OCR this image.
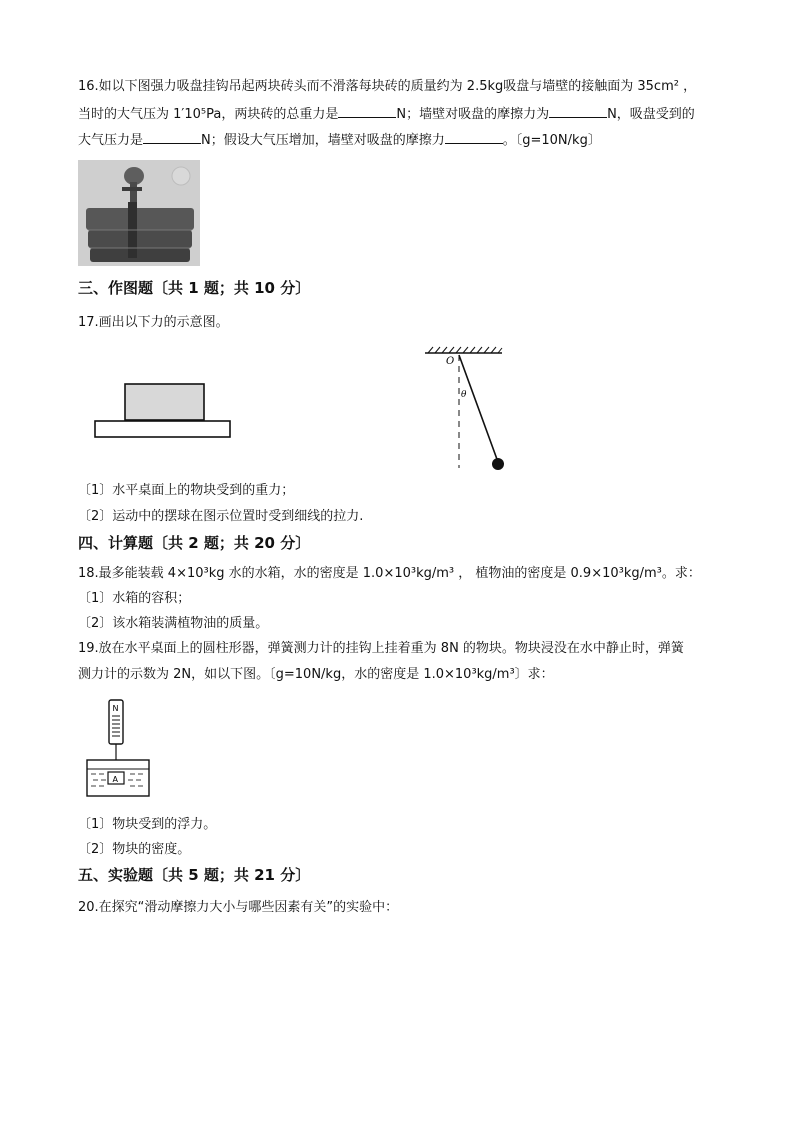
16.如以下图强力吸盘挂钩吊起两块砖头而不滑落每块砖的质量约为 2.5kg吸盘与墙壁的接触面为 35cm² ，
当时的大气压为 1′10⁵Pa，两块砖的总重力是	N；墙壁对吸盘的摩擦力为	N，吸盘受到的
大气压力是	N；假设大气压增加，墙壁对吸盘的摩擦力	。〔g=10N/kg〕
三、作图题〔共 1 题；共 10 分〕
17.画出以下力的示意图。
O
θ
〔1〕水平桌面上的物块受到的重力；
〔2〕运动中的摆球在图示位置时受到细线的拉力.
四、计算题〔共 2 题；共 20 分〕
18.最多能装载 4×10³kg 水的水箱，水的密度是 1.0×10³kg/m³ ， 植物油的密度是 0.9×10³kg/m³。求：
〔1〕水箱的容积；
〔2〕该水箱装满植物油的质量。
19.放在水平桌面上的圆柱形器，弹簧测力计的挂钩上挂着重为 8N 的物块。物块浸没在水中静止时，弹簧
测力计的示数为 2N，如以下图。〔g=10N/kg，水的密度是 1.0×10³kg/m³〕求：
N
A
〔1〕物块受到的浮力。
〔2〕物块的密度。
五、实验题〔共 5 题；共 21 分〕
20.在探究“滑动摩擦力大小与哪些因素有关”的实验中：
